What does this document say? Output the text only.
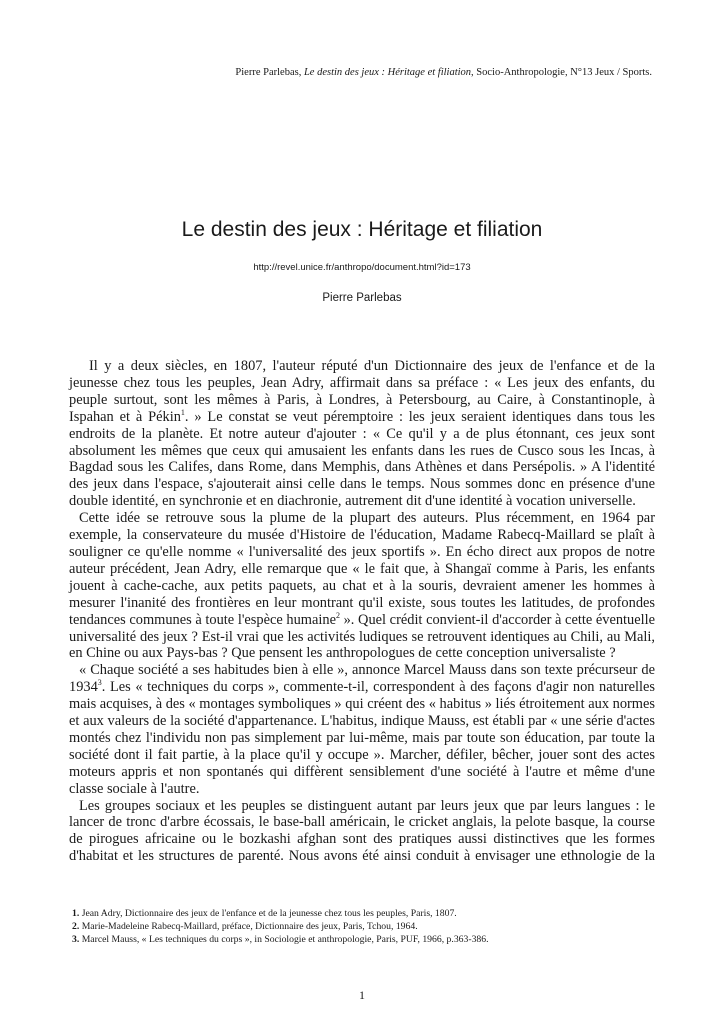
Pierre Parlebas, Le destin des jeux : Héritage et filiation, Socio-Anthropologie, N°13 Jeux / Sports.
Le destin des jeux : Héritage et filiation
http://revel.unice.fr/anthropo/document.html?id=173
Pierre Parlebas

Il y a deux siècles, en 1807, l'auteur réputé d'un Dictionnaire des jeux de l'enfance et de la jeunesse chez tous les peuples, Jean Adry, affirmait dans sa préface : « Les jeux des enfants, du peuple surtout, sont les mêmes à Paris, à Londres, à Petersbourg, au Caire, à Constantinople, à Ispahan et à Pékin$^1$. » Le constat se veut péremptoire : les jeux seraient identiques dans tous les endroits de la planète. Et notre auteur d'ajouter : « Ce qu'il y a de plus étonnant, ces jeux sont absolument les mêmes que ceux qui amusaient les enfants dans les rues de Cusco sous les Incas, à Bagdad sous les Califes, dans Rome, dans Memphis, dans Athènes et dans Persépolis. » A l'identité des jeux dans l'espace, s'ajouterait ainsi celle dans le temps. Nous sommes donc en présence d'une double identité, en synchronie et en diachronie, autrement dit d'une identité à vocation universelle.

Cette idée se retrouve sous la plume de la plupart des auteurs. Plus récemment, en 1964 par exemple, la conservateure du musée d'Histoire de l'éducation, Madame Rabecq-Maillard se plaît à souligner ce qu'elle nomme « l'universalité des jeux sportifs ». En écho direct aux propos de notre auteur précédent, Jean Adry, elle remarque que « le fait que, à Shangaï comme à Paris, les enfants jouent à cache-cache, aux petits paquets, au chat et à la souris, devraient amener les hommes à mesurer l'inanité des frontières en leur montrant qu'il existe, sous toutes les latitudes, de profondes tendances communes à toute l'espèce humaine$^2$ ». Quel crédit convient-il d'accorder à cette éventuelle universalité des jeux ? Est-il vrai que les activités ludiques se retrouvent identiques au Chili, au Mali, en Chine ou aux Pays-bas ? Que pensent les anthropologues de cette conception universaliste ?

« Chaque société a ses habitudes bien à elle », annonce Marcel Mauss dans son texte précurseur de 1934$^3$. Les « techniques du corps », commente-t-il, correspondent à des façons d'agir non naturelles mais acquises, à des « montages symboliques » qui créent des « habitus » liés étroitement aux normes et aux valeurs de la société d'appartenance. L'habitus, indique Mauss, est établi par « une série d'actes montés chez l'individu non pas simplement par lui-même, mais par toute son éducation, par toute la société dont il fait partie, à la place qu'il y occupe ». Marcher, défiler, bêcher, jouer sont des actes moteurs appris et non spontanés qui diffèrent sensiblement d'une société à l'autre et même d'une classe sociale à l'autre.

Les groupes sociaux et les peuples se distinguent autant par leurs jeux que par leurs langues : le lancer de tronc d'arbre écossais, le base-ball américain, le cricket anglais, la pelote basque, la course de pirogues africaine ou le bozkashi afghan sont des pratiques aussi distinctives que les formes d'habitat et les structures de parenté. Nous avons été ainsi conduit à envisager une ethnologie de la

1. Jean Adry, Dictionnaire des jeux de l'enfance et de la jeunesse chez tous les peuples, Paris, 1807.
2. Marie-Madeleine Rabecq-Maillard, préface, Dictionnaire des jeux, Paris, Tchou, 1964.
3. Marcel Mauss, « Les techniques du corps », in Sociologie et anthropologie, Paris, PUF, 1966, p.363-386.
1
